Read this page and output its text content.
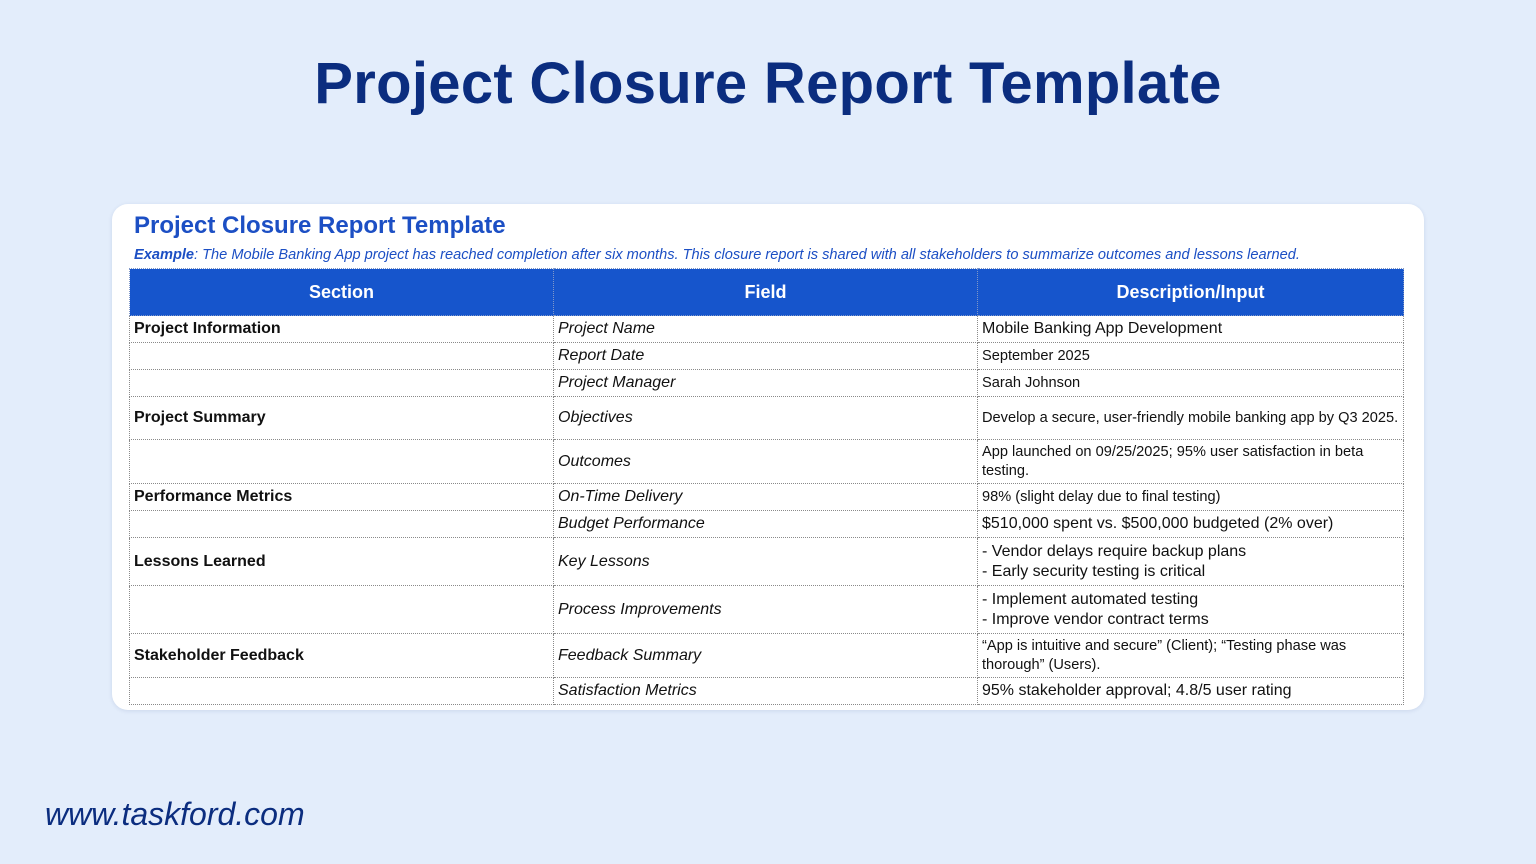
Project Closure Report Template
Project Closure Report Template

Example: The Mobile Banking App project has reached completion after six months. This closure report is shared with all stakeholders to summarize outcomes and lessons learned.

Section	Field	Description/Input
Project Information	Project Name	Mobile Banking App Development

	Report Date	September 2025

	Project Manager	Sarah Johnson

Project Summary	Objectives	Develop a secure, user-friendly mobile banking app by Q3 2025.

	Outcomes	App launched on 09/25/2025; 95% user satisfaction in beta testing.

Performance Metrics	On-Time Delivery	98% (slight delay due to final testing)

	Budget Performance	$510,000 spent vs. $500,000 budgeted (2% over)

Lessons Learned	Key Lessons	- Vendor delays require backup plans
- Early security testing is critical

	Process Improvements	- Implement automated testing
- Improve vendor contract terms

Stakeholder Feedback	Feedback Summary	“App is intuitive and secure” (Client); “Testing phase was thorough” (Users).

	Satisfaction Metrics	95% stakeholder approval; 4.8/5 user rating

www.taskford.com
